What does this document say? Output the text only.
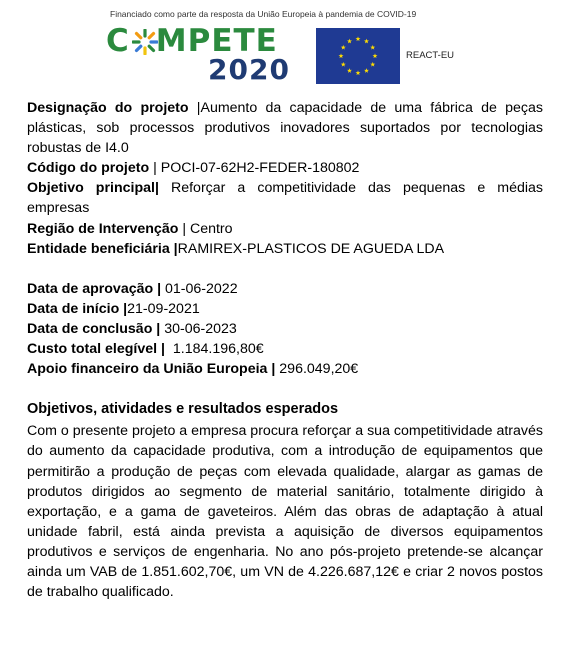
Financiado como parte da resposta da União Europeia à pandemia de COVID-19
C MPETE
2020	REACT-EU

Designação do projeto |Aumento da capacidade de uma fábrica de peças plásticas, sob processos produtivos inovadores suportados por tecnologias robustas de I4.0

Código do projeto | POCI-07-62H2-FEDER-180802

Objetivo principal| Reforçar a competitividade das pequenas e médias empresas

Região de Intervenção | Centro

Entidade beneficiária |RAMIREX-PLASTICOS DE AGUEDA LDA

Data de aprovação | 01-06-2022

Data de início |21-09-2021

Data de conclusão | 30-06-2023

Custo total elegível |  1.184.196,80€

Apoio financeiro da União Europeia | 296.049,20€

Objetivos, atividades e resultados esperados

Com o presente projeto a empresa procura reforçar a sua competitividade através do aumento da capacidade produtiva, com a introdução de equipamentos que permitirão a produção de peças com elevada qualidade, alargar as gamas de produtos dirigidos ao segmento de material sanitário, totalmente dirigido à exportação, e a gama de gaveteiros. Além das obras de adaptação à atual unidade fabril, está ainda prevista a aquisição de diversos equipamentos produtivos e serviços de engenharia. No ano pós-projeto pretende-se alcançar ainda um VAB de 1.851.602,70€, um VN de 4.226.687,12€ e criar 2 novos postos de trabalho qualificado.
